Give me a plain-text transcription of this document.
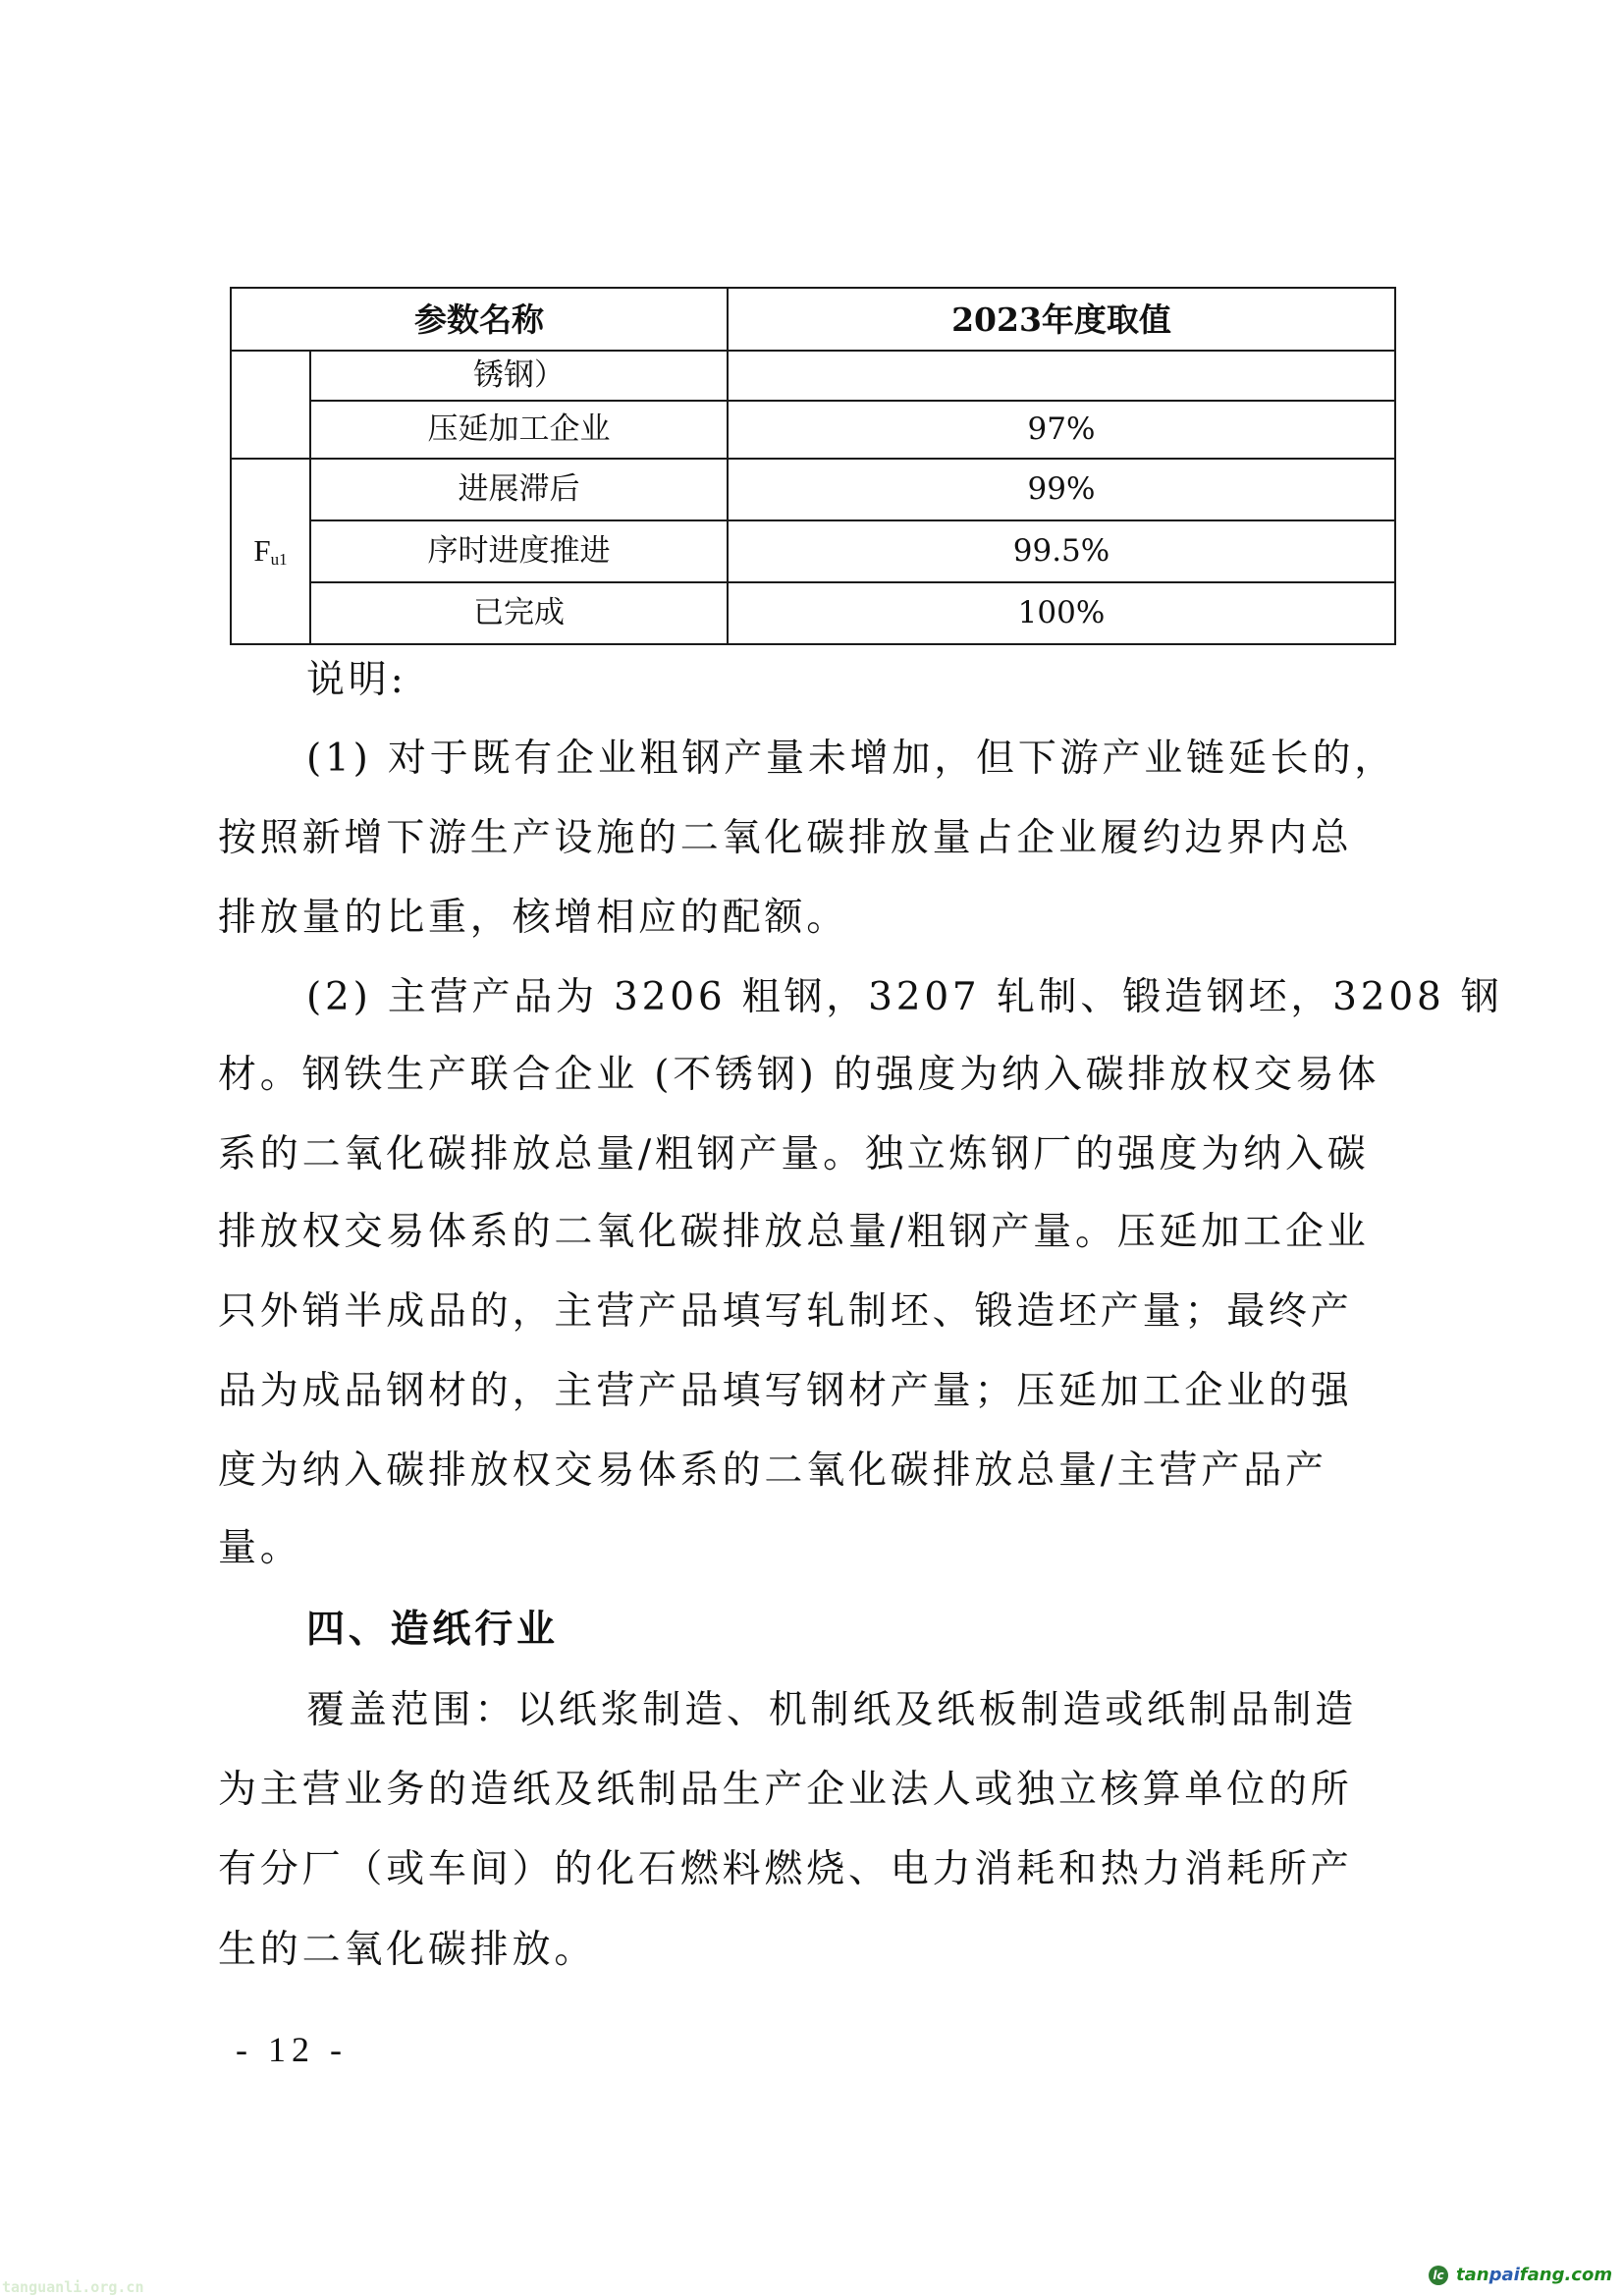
参数名称		2023年度取值
	锈钢）	
	压延加工企业	97%
$F_{u1}$	进展滞后	99%
	序时进度推进	99.5%
	已完成	100%
说明:
(1) 对于既有企业粗钢产量未增加，但下游产业链延长的，
按照新增下游生产设施的二氧化碳排放量占企业履约边界内总
排放量的比重，核增相应的配额。
(2) 主营产品为 3206 粗钢，3207 轧制、锻造钢坯，3208 钢
材。钢铁生产联合企业 (不锈钢) 的强度为纳入碳排放权交易体
系的二氧化碳排放总量/粗钢产量。独立炼钢厂的强度为纳入碳
排放权交易体系的二氧化碳排放总量/粗钢产量。压延加工企业
只外销半成品的，主营产品填写轧制坯、锻造坯产量；最终产
品为成品钢材的，主营产品填写钢材产量；压延加工企业的强
度为纳入碳排放权交易体系的二氧化碳排放总量/主营产品产
量。
四、造纸行业
覆盖范围：以纸浆制造、机制纸及纸板制造或纸制品制造
为主营业务的造纸及纸制品生产企业法人或独立核算单位的所
有分厂（或车间）的化石燃料燃烧、电力消耗和热力消耗所产
生的二氧化碳排放。
- 12 -
tanguanli.org.cn
lc tanpaifang.com
